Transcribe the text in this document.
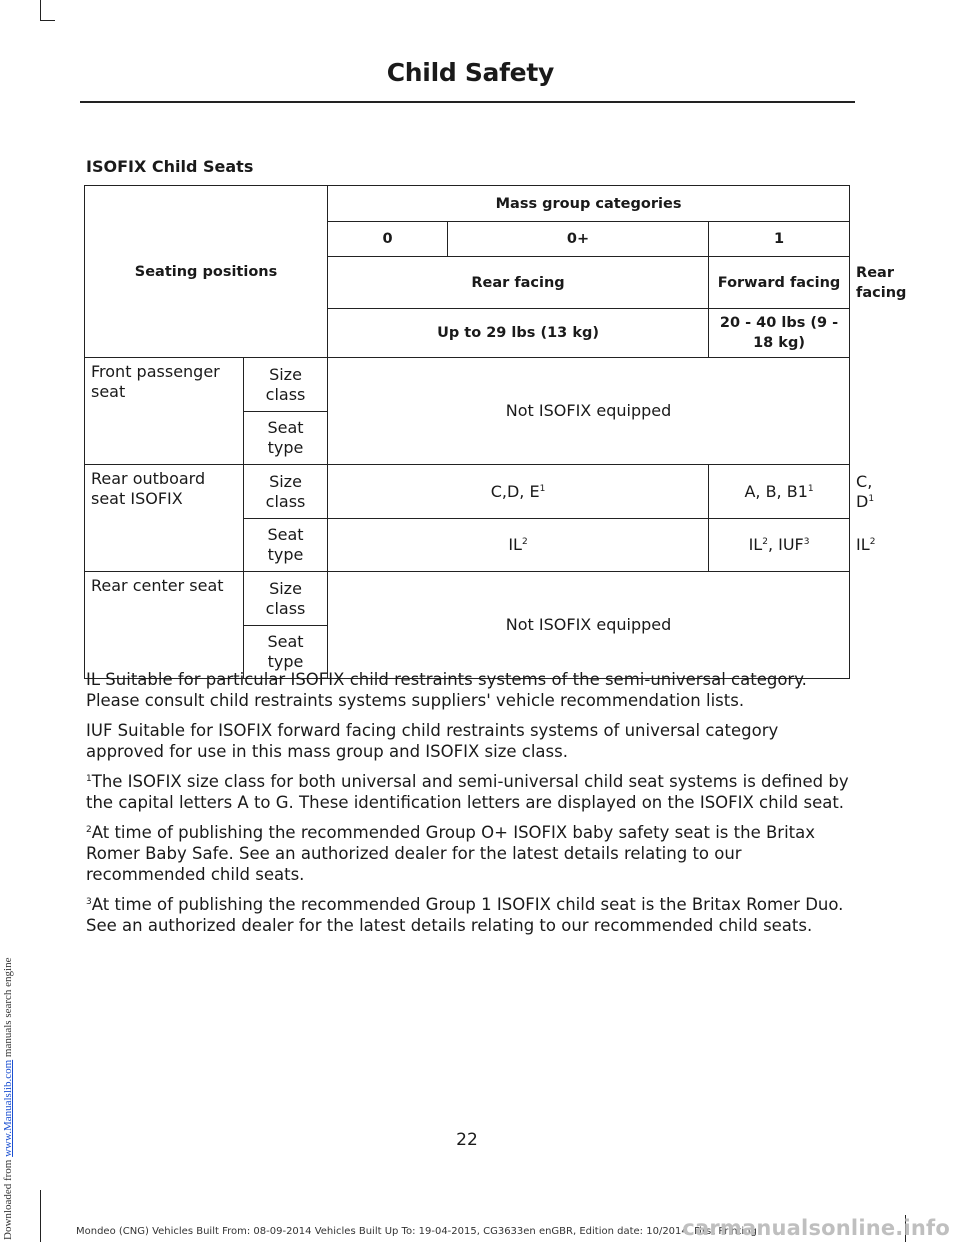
Downloaded from www.Manualslib.com manuals search engine
Child Safety
ISOFIX Child Seats
Seating positions		Mass group categories			
		0	0+	1	
		Rear facing		Forward facing	Rear facing
		Up to 29 lbs (13 kg)		20 - 40 lbs (9 - 18 kg)	
Front passenger seat	Size class	Not ISOFIX equipped			
	Seat type				
Rear outboard seat ISOFIX	Size class	C,D, $E^1$		A, B, $B1^1$	C, $D^1$
	Seat type	$IL^2$		$IL^2$, IUF$^3$	$IL^2$
Rear center seat	Size class	Not ISOFIX equipped			
	Seat type				

IL Suitable for particular ISOFIX child restraints systems of the semi-universal category. Please consult child restraints systems suppliers' vehicle recommendation lists.

IUF Suitable for ISOFIX forward facing child restraints systems of universal category approved for use in this mass group and ISOFIX size class.

$^1$The ISOFIX size class for both universal and semi-universal child seat systems is defined by the capital letters A to G. These identification letters are displayed on the ISOFIX child seat.

$^2$At time of publishing the recommended Group O+ ISOFIX baby safety seat is the Britax Romer Baby Safe. See an authorized dealer for the latest details relating to our recommended child seats.

$^3$At time of publishing the recommended Group 1 ISOFIX child seat is the Britax Romer Duo. See an authorized dealer for the latest details relating to our recommended child seats.

22
Mondeo (CNG) Vehicles Built From: 08-09-2014 Vehicles Built Up To: 19-04-2015, CG3633en enGBR, Edition date: 10/2014, First Printing
carmanualsonline.info
